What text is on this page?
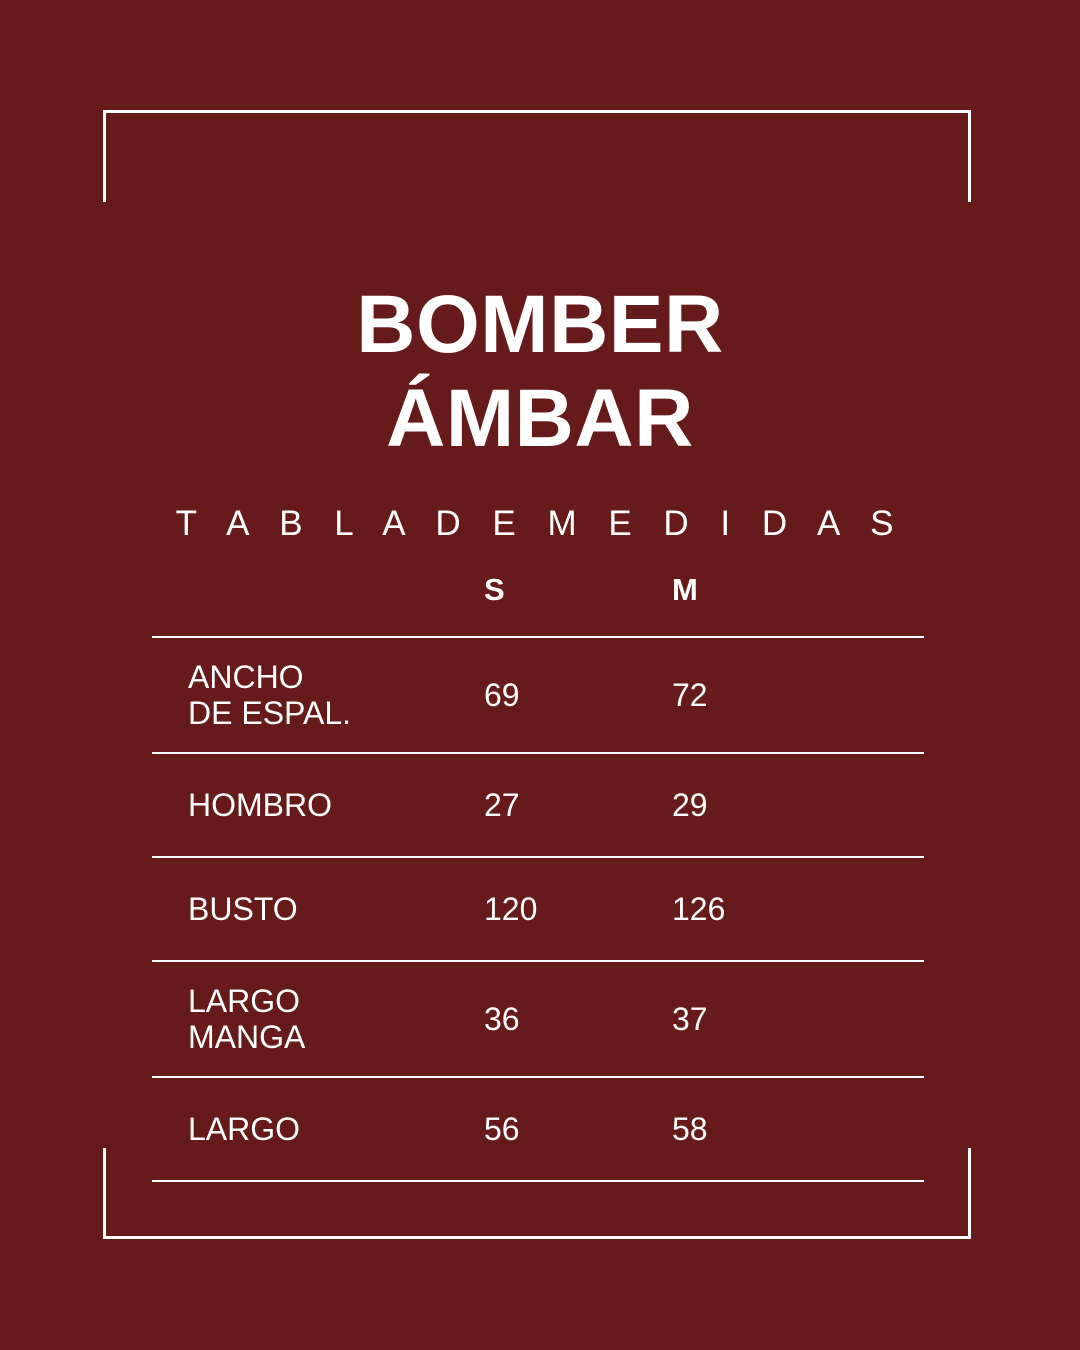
BOMBER
ÁMBAR
T A B L A D E M E D I D A S
	S	M
ANCHO
DE ESPAL.	69	72
HOMBRO	27	29
BUSTO	120	126
LARGO
MANGA	36	37
LARGO	56	58
